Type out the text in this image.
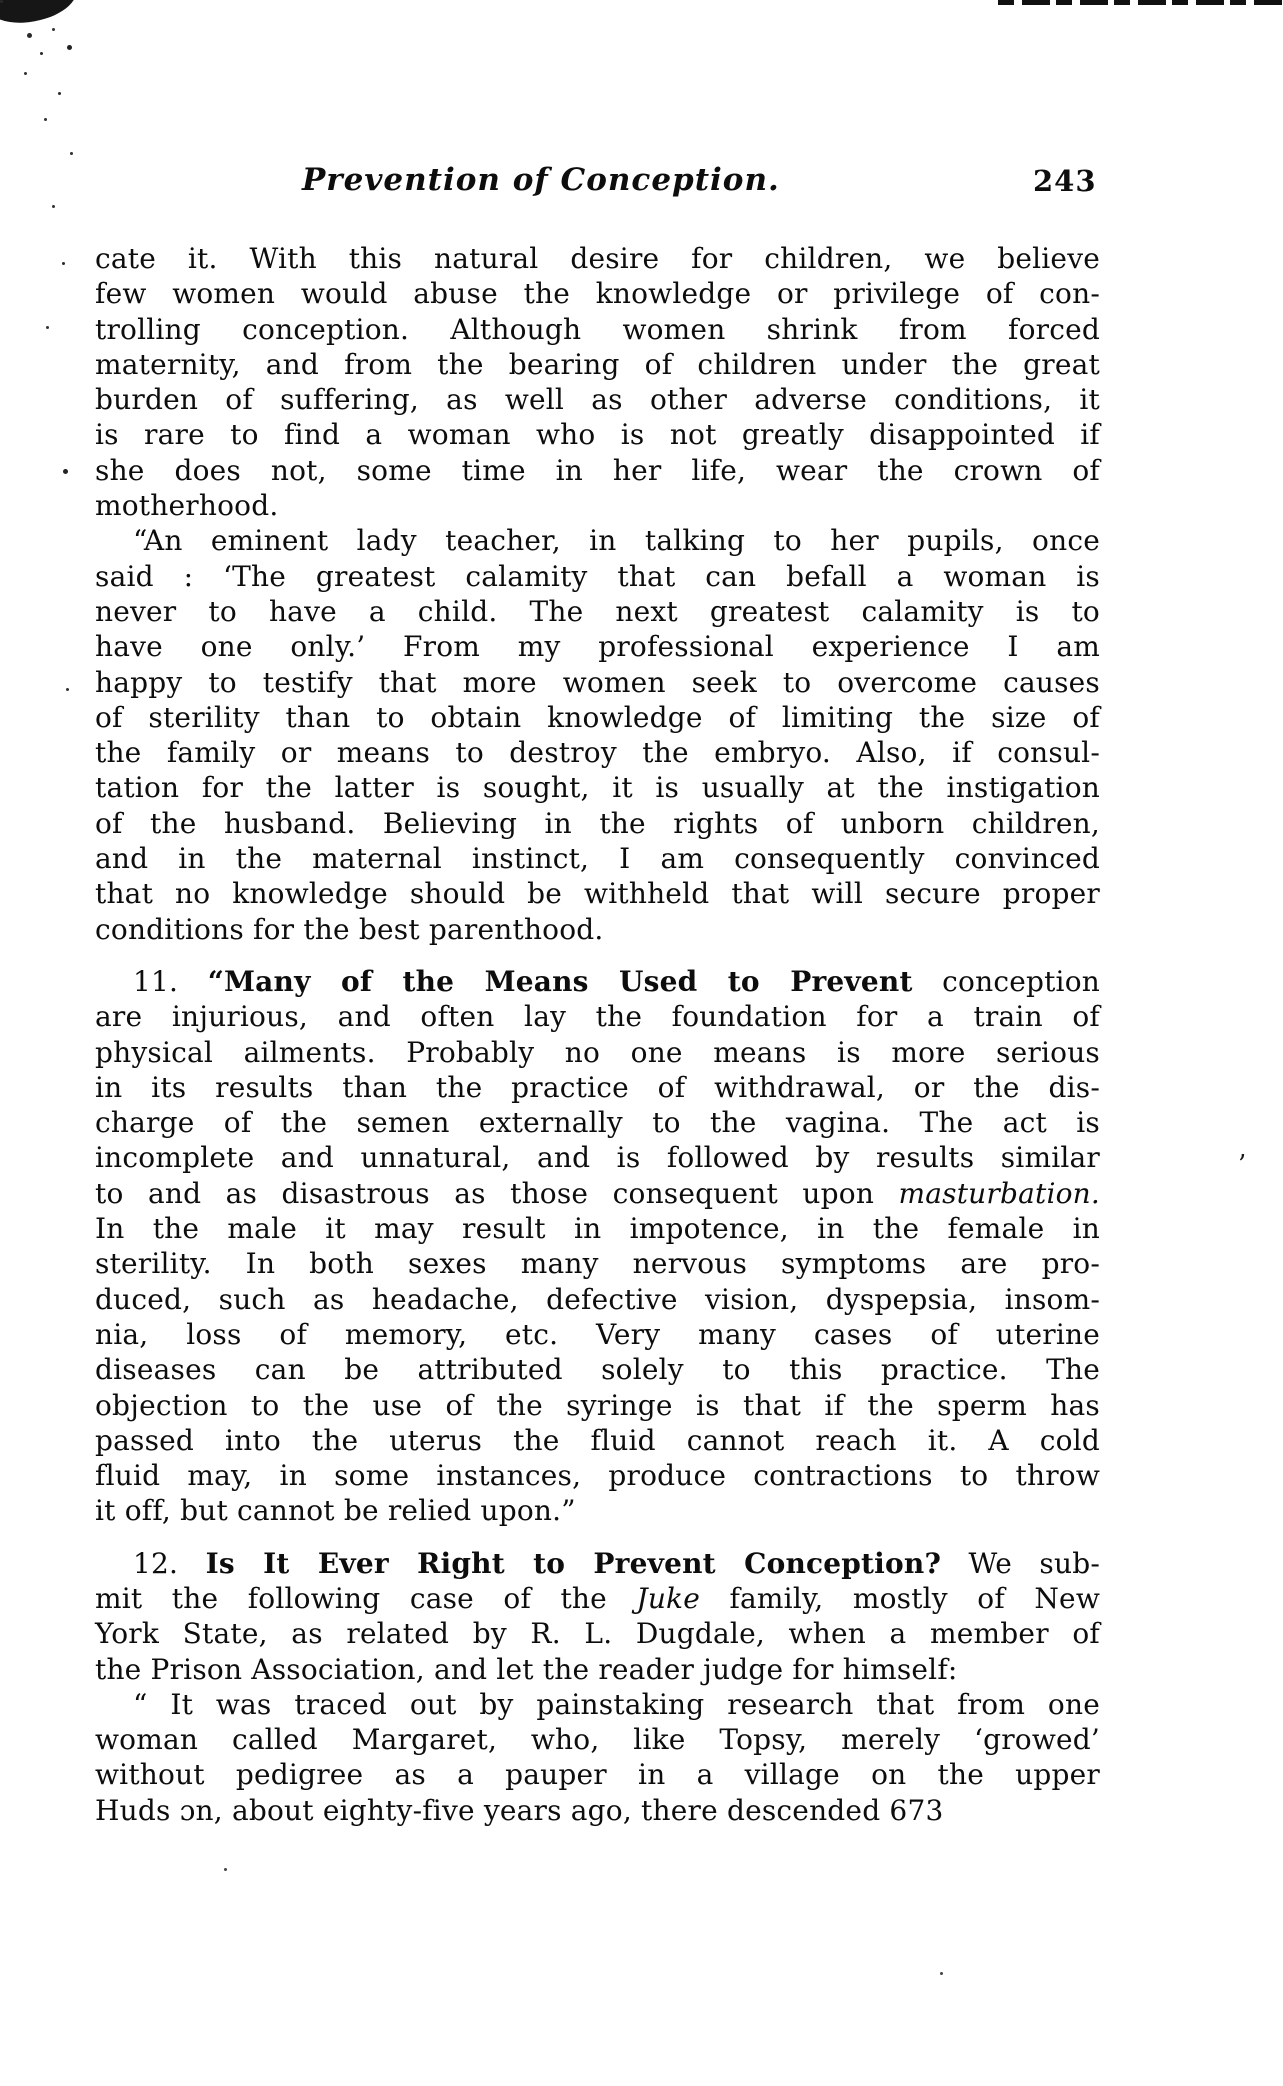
’
Prevention of Conception.	243
cate it. With this natural desire for children, we believe
few women would abuse the knowledge or privilege of con-
trolling conception. Although women shrink from forced
maternity, and from the bearing of children under the great
burden of suffering, as well as other adverse conditions, it
is rare to find a woman who is not greatly disappointed if
she does not, some time in her life, wear the crown of
motherhood.
“An eminent lady teacher, in talking to her pupils, once
said : ‘The greatest calamity that can befall a woman is
never to have a child. The next greatest calamity is to
have one only.’ From my professional experience I am
happy to testify that more women seek to overcome causes
of sterility than to obtain knowledge of limiting the size of
the family or means to destroy the embryo. Also, if consul-
tation for the latter is sought, it is usually at the instigation
of the husband. Believing in the rights of unborn children,
and in the maternal instinct, I am consequently convinced
that no knowledge should be withheld that will secure proper
conditions for the best parenthood.
11. “Many of the Means Used to Prevent conception
are injurious, and often lay the foundation for a train of
physical ailments. Probably no one means is more serious
in its results than the practice of withdrawal, or the dis-
charge of the semen externally to the vagina. The act is
incomplete and unnatural, and is followed by results similar
to and as disastrous as those consequent upon masturbation.
In the male it may result in impotence, in the female in
sterility. In both sexes many nervous symptoms are pro-
duced, such as headache, defective vision, dyspepsia, insom-
nia, loss of memory, etc. Very many cases of uterine
diseases can be attributed solely to this practice. The
objection to the use of the syringe is that if the sperm has
passed into the uterus the fluid cannot reach it. A cold
fluid may, in some instances, produce contractions to throw
it off, but cannot be relied upon.”
12. Is It Ever Right to Prevent Conception? We sub-
mit the following case of the Juke family, mostly of New
York State, as related by R. L. Dugdale, when a member of
the Prison Association, and let the reader judge for himself:
“ It was traced out by painstaking research that from one
woman called Margaret, who, like Topsy, merely ‘growed’
without pedigree as a pauper in a village on the upper
Huds ɔn, about eighty-five years ago, there descended 673
